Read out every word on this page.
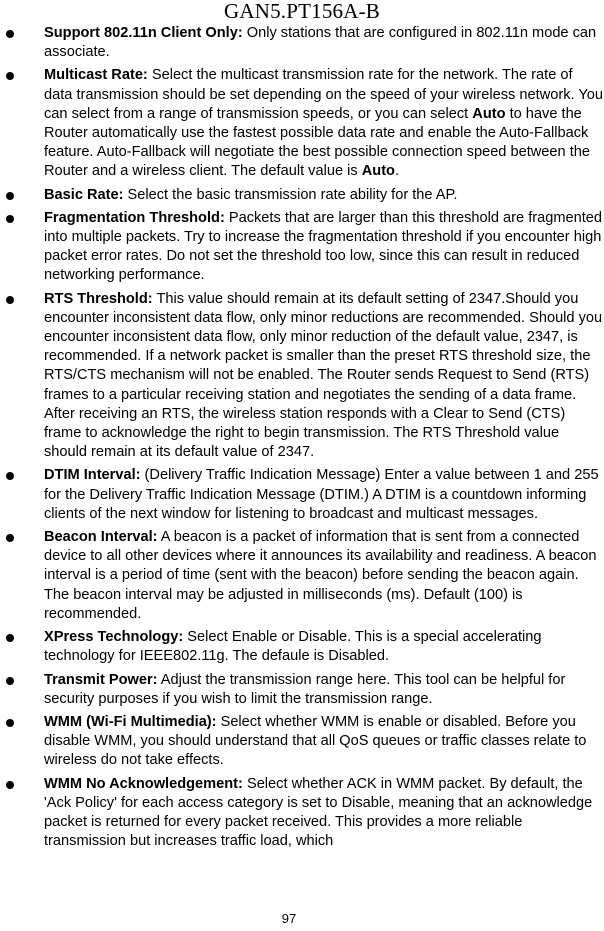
GAN5.PT156A-B
Support 802.11n Client Only: Only stations that are configured in 802.11n mode can associate.
Multicast Rate: Select the multicast transmission rate for the network. The rate of data transmission should be set depending on the speed of your wireless network. You can select from a range of transmission speeds, or you can select Auto to have the Router automatically use the fastest possible data rate and enable the Auto-Fallback feature. Auto-Fallback will negotiate the best possible connection speed between the Router and a wireless client. The default value is Auto.
Basic Rate: Select the basic transmission rate ability for the AP.
Fragmentation Threshold: Packets that are larger than this threshold are fragmented into multiple packets. Try to increase the fragmentation threshold if you encounter high packet error rates. Do not set the threshold too low, since this can result in reduced networking performance.
RTS Threshold: This value should remain at its default setting of 2347.Should you encounter inconsistent data flow, only minor reductions are recommended. Should you encounter inconsistent data flow, only minor reduction of the default value, 2347, is recommended. If a network packet is smaller than the preset RTS threshold size, the RTS/CTS mechanism will not be enabled. The Router sends Request to Send (RTS) frames to a particular receiving station and negotiates the sending of a data frame. After receiving an RTS, the wireless station responds with a Clear to Send (CTS) frame to acknowledge the right to begin transmission. The RTS Threshold value should remain at its default value of 2347.
DTIM Interval: (Delivery Traffic Indication Message) Enter a value between 1 and 255 for the Delivery Traffic Indication Message (DTIM.) A DTIM is a countdown informing clients of the next window for listening to broadcast and multicast messages.
Beacon Interval: A beacon is a packet of information that is sent from a connected device to all other devices where it announces its availability and readiness. A beacon interval is a period of time (sent with the beacon) before sending the beacon again. The beacon interval may be adjusted in milliseconds (ms). Default (100) is recommended.
XPress Technology: Select Enable or Disable. This is a special accelerating technology for IEEE802.11g. The defaule is Disabled.
Transmit Power: Adjust the transmission range here. This tool can be helpful for security purposes if you wish to limit the transmission range.
WMM (Wi-Fi Multimedia): Select whether WMM is enable or disabled. Before you disable WMM, you should understand that all QoS queues or traffic classes relate to wireless do not take effects.
WMM No Acknowledgement: Select whether ACK in WMM packet. By default, the 'Ack Policy' for each access category is set to Disable, meaning that an acknowledge packet is returned for every packet received. This provides a more reliable transmission but increases traffic load, which
97
